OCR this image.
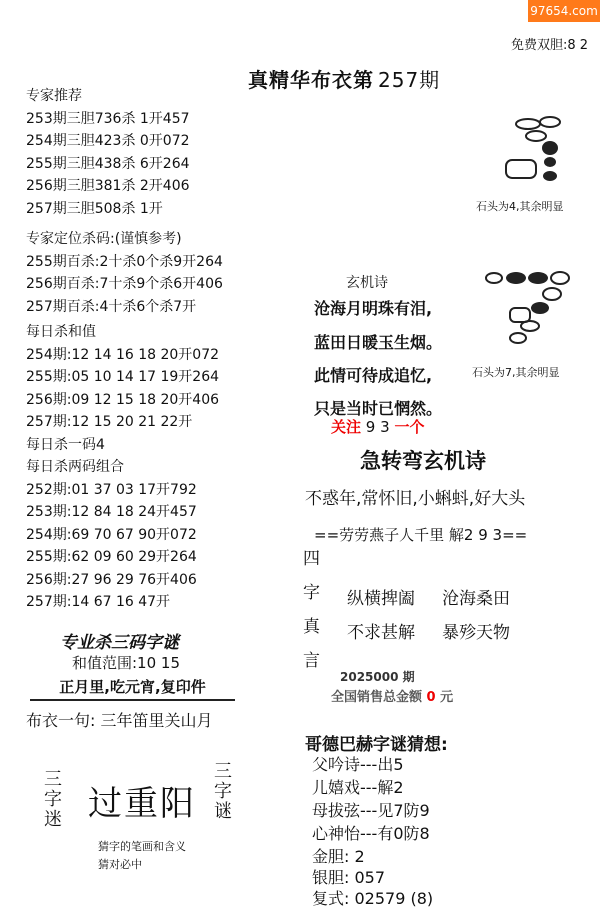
97654.com
免费双胆:8 2
真精华布衣第 257期
专家推荐
253期三胆736杀 1开457
254期三胆423杀 0开072
255期三胆438杀 6开264
256期三胆381杀 2开406
257期三胆508杀 1开
专家定位杀码:(谨慎参考)
255期百杀:2十杀0个杀9开264
256期百杀:7十杀9个杀6开406
257期百杀:4十杀6个杀7开
每日杀和值
254期:12 14 16 18 20开072
255期:05 10 14 17 19开264
256期:09 12 15 18 20开406
257期:12 15 20 21 22开
每日杀一码4
每日杀两码组合
252期:01 37 03 17开792
253期:12 84 18 24开457
254期:69 70 67 90开072
255期:62 09 60 29开264
256期:27 96 29 76开406
257期:14 67 16 47开
专业杀三码字谜
和值范围:10 15
正月里,吃元宵,复印件
布衣一句: 三年笛里关山月
三字迷 过重阳
三字谜
猜字的笔画和含义
猜对必中
石头为4,其余明显
石头为7,其余明显
玄机诗
沧海月明珠有泪,
蓝田日暖玉生烟。
此情可待成追忆,
只是当时已惘然。
关注 9 3 一个
急转弯玄机诗
不惑年,常怀旧,小蝌蚪,好大头
==劳劳燕子人千里 解2 9 3==
四
字
真
言
纵横捭阖 沧海桑田
不求甚解 暴殄天物
2025000 期
全国销售总金额 0 元
哥德巴赫字谜猜想:
父吟诗---出5
儿嬉戏---解2
母拔弦---见7防9
心神怡---有0防8
金胆: 2
银胆: 057
复式: 02579 (8)
